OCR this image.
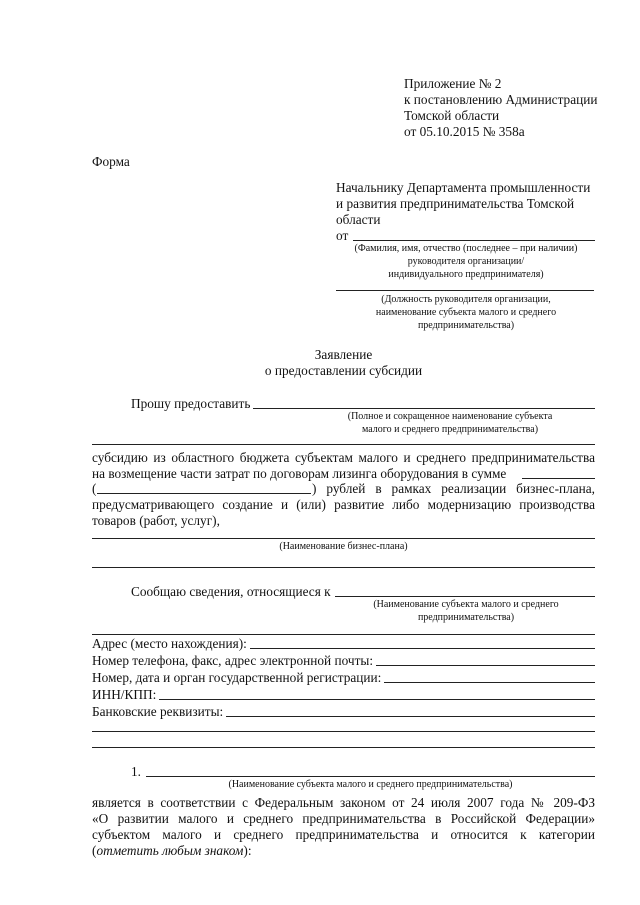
Приложение № 2
к постановлению Администрации
Томской области
от 05.10.2015 № 358а
Форма
Начальнику Департамента промышленности
и развития предпринимательства Томской
области
от
(Фамилия, имя, отчество (последнее – при наличии)
руководителя организации/
индивидуального предпринимателя)
(Должность руководителя организации,
наименование субъекта малого и среднего
предпринимательства)
Заявление
о предоставлении субсидии
Прошу предоставить
(Полное и сокращенное наименование субъекта
малого и среднего предпринимательства)
субсидию из областного бюджета субъектам малого и среднего предпринимательства
на возмещение части затрат по договорам лизинга оборудования в сумме
(	) рублей в рамках реализации бизнес-плана,
предусматривающего создание и (или) развитие либо модернизацию производства
товаров (работ, услуг),
(Наименование бизнес-плана)
Сообщаю сведения, относящиеся к
(Наименование субъекта малого и среднего
предпринимательства)
Адрес (место нахождения):
Номер телефона, факс, адрес электронной почты:
Номер, дата и орган государственной регистрации:
ИНН/КПП:
Банковские реквизиты:
1.
(Наименование субъекта малого и среднего предпринимательства)
является в соответствии с Федеральным законом от 24 июля 2007 года № 209-ФЗ
«О развитии малого и среднего предпринимательства в Российской Федерации»
субъектом малого и среднего предпринимательства и относится к категории
(отметить любым знаком):
